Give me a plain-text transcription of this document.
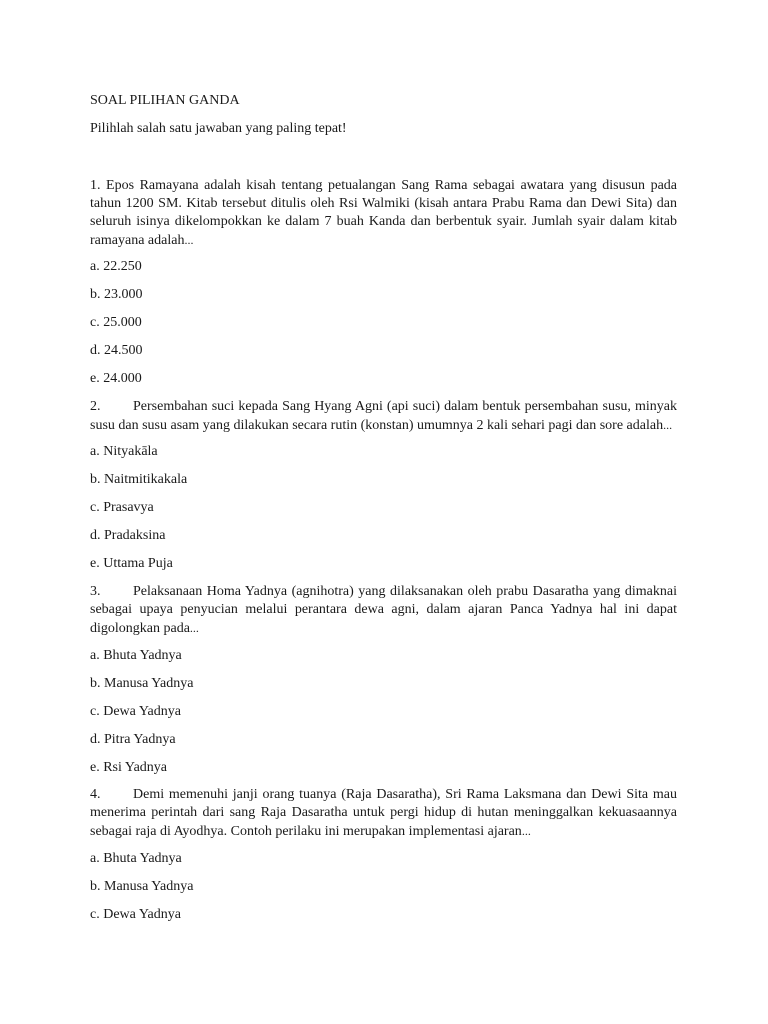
SOAL PILIHAN GANDA
Pilihlah salah satu jawaban yang paling tepat!
1. Epos Ramayana adalah kisah tentang petualangan Sang Rama sebagai awatara yang disusun pada tahun 1200 SM. Kitab tersebut ditulis oleh Rsi Walmiki (kisah antara Prabu Rama dan Dewi Sita) dan seluruh isinya dikelompokkan ke dalam 7 buah Kanda dan berbentuk syair. Jumlah syair dalam kitab ramayana adalah...
a. 22.250
b. 23.000
c. 25.000
d. 24.500
e. 24.000
2. Persembahan suci kepada Sang Hyang Agni (api suci) dalam bentuk persembahan susu, minyak susu dan susu asam yang dilakukan secara rutin (konstan) umumnya 2 kali sehari pagi dan sore adalah...
a. Nityakāla
b. Naitmitikakala
c. Prasavya
d. Pradaksina
e. Uttama Puja
3. Pelaksanaan Homa Yadnya (agnihotra) yang dilaksanakan oleh prabu Dasaratha yang dimaknai sebagai upaya penyucian melalui perantara dewa agni, dalam ajaran Panca Yadnya hal ini dapat digolongkan pada...
a. Bhuta Yadnya
b. Manusa Yadnya
c. Dewa Yadnya
d. Pitra Yadnya
e. Rsi Yadnya
4. Demi memenuhi janji orang tuanya (Raja Dasaratha), Sri Rama Laksmana dan Dewi Sita mau menerima perintah dari sang Raja Dasaratha untuk pergi hidup di hutan meninggalkan kekuasaannya sebagai raja di Ayodhya. Contoh perilaku ini merupakan implementasi ajaran...
a. Bhuta Yadnya
b. Manusa Yadnya
c. Dewa Yadnya
